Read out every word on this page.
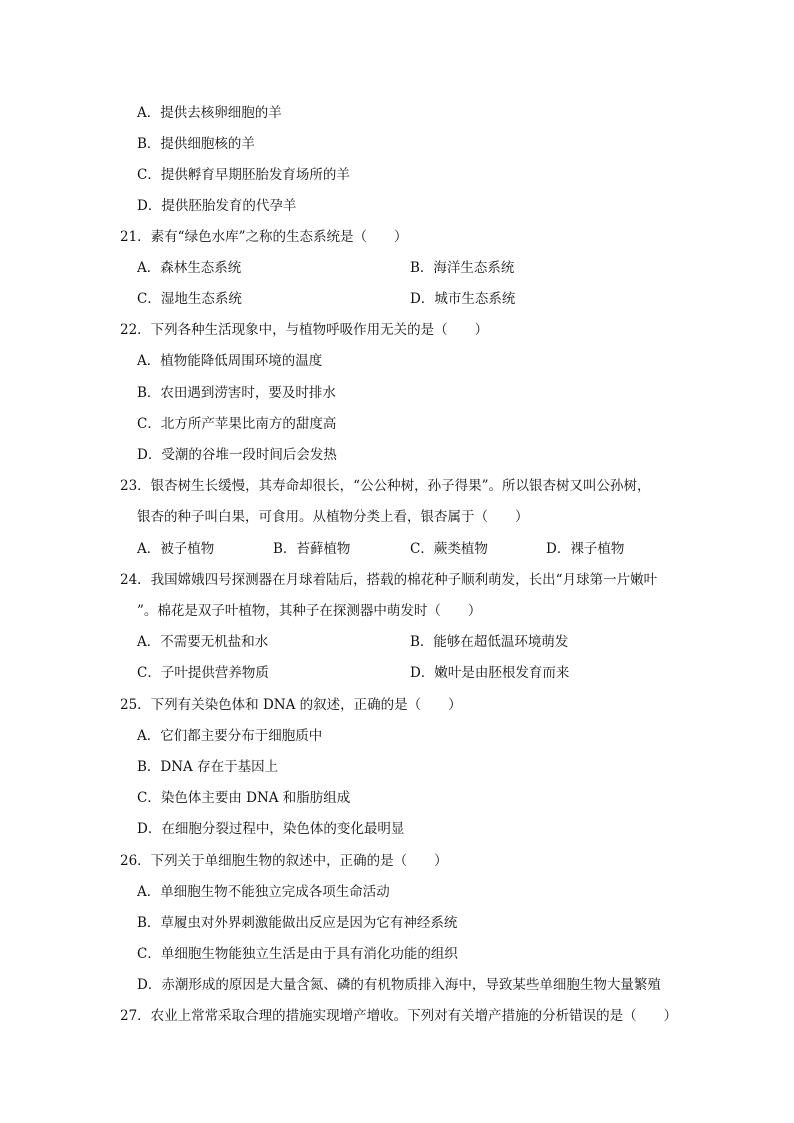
A．提供去核卵细胞的羊
B．提供细胞核的羊
C．提供孵育早期胚胎发育场所的羊
D．提供胚胎发育的代孕羊
21．素有“绿色水库”之称的生态系统是（　　）
A．森林生态系统	B．海洋生态系统
C．湿地生态系统	D．城市生态系统
22．下列各种生活现象中，与植物呼吸作用无关的是（　　）
A．植物能降低周围环境的温度
B．农田遇到涝害时，要及时排水
C．北方所产苹果比南方的甜度高
D．受潮的谷堆一段时间后会发热
23．银杏树生长缓慢，其寿命却很长，“公公种树，孙子得果”。所以银杏树又叫公孙树，
银杏的种子叫白果，可食用。从植物分类上看，银杏属于（　　）
A．被子植物	B．苔藓植物	C．蕨类植物	D．裸子植物
24．我国嫦娥四号探测器在月球着陆后，搭载的棉花种子顺利萌发，长出“月球第一片嫩叶
”。棉花是双子叶植物，其种子在探测器中萌发时（　　）
A．不需要无机盐和水	B．能够在超低温环境萌发
C．子叶提供营养物质	D．嫩叶是由胚根发育而来
25．下列有关染色体和 DNA 的叙述，正确的是（　　）
A．它们都主要分布于细胞质中
B．DNA 存在于基因上
C．染色体主要由 DNA 和脂肪组成
D．在细胞分裂过程中，染色体的变化最明显
26．下列关于单细胞生物的叙述中，正确的是（　　）
A．单细胞生物不能独立完成各项生命活动
B．草履虫对外界刺激能做出反应是因为它有神经系统
C．单细胞生物能独立生活是由于具有消化功能的组织
D．赤潮形成的原因是大量含氮、磷的有机物质排入海中，导致某些单细胞生物大量繁殖
27．农业上常常采取合理的措施实现增产增收。下列对有关增产措施的分析错误的是（　　）
